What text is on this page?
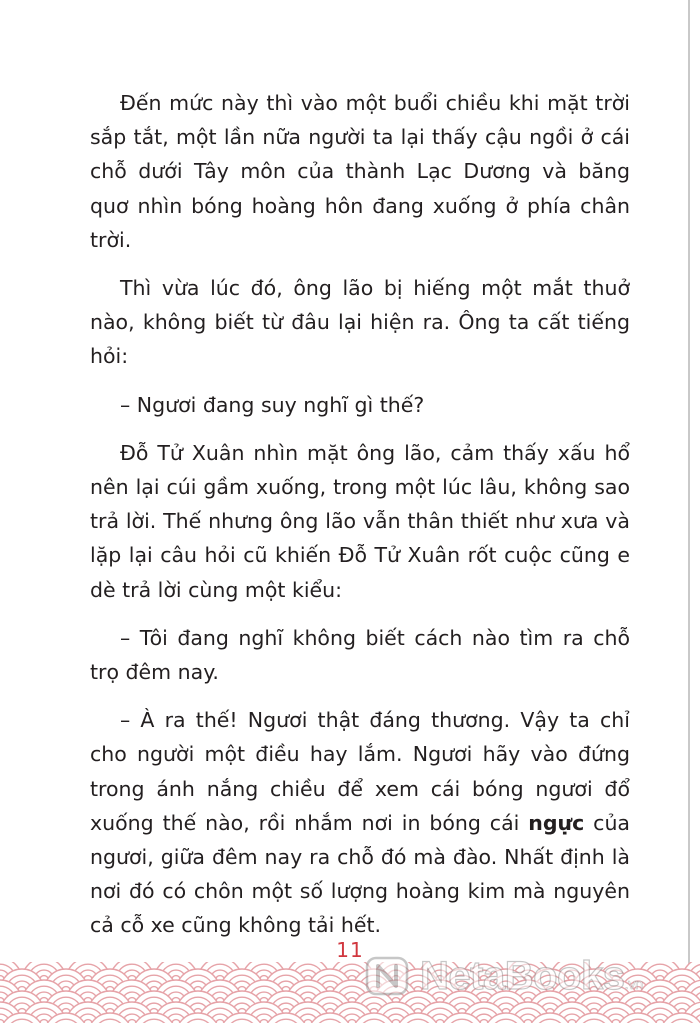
Đến mức này thì vào một buổi chiều khi mặt trời sắp tắt, một lần nữa người ta lại thấy cậu ngồi ở cái chỗ dưới Tây môn của thành Lạc Dương và băng quơ nhìn bóng hoàng hôn đang xuống ở phía chân trời.

Thì vừa lúc đó, ông lão bị hiếng một mắt thuở nào, không biết từ đâu lại hiện ra. Ông ta cất tiếng hỏi:

– Ngươi đang suy nghĩ gì thế?

Đỗ Tử Xuân nhìn mặt ông lão, cảm thấy xấu hổ nên lại cúi gầm xuống, trong một lúc lâu, không sao trả lời. Thế nhưng ông lão vẫn thân thiết như xưa và lặp lại câu hỏi cũ khiến Đỗ Tử Xuân rốt cuộc cũng e dè trả lời cùng một kiểu:

– Tôi đang nghĩ không biết cách nào tìm ra chỗ trọ đêm nay.

– À ra thế! Ngươi thật đáng thương. Vậy ta chỉ cho người một điều hay lắm. Ngươi hãy vào đứng trong ánh nắng chiều để xem cái bóng ngươi đổ xuống thế nào, rồi nhắm nơi in bóng cái ngực của ngươi, giữa đêm nay ra chỗ đó mà đào. Nhất định là nơi đó có chôn một số lượng hoàng kim mà nguyên cả cỗ xe cũng không tải hết.

11
NetaBooks.vn
